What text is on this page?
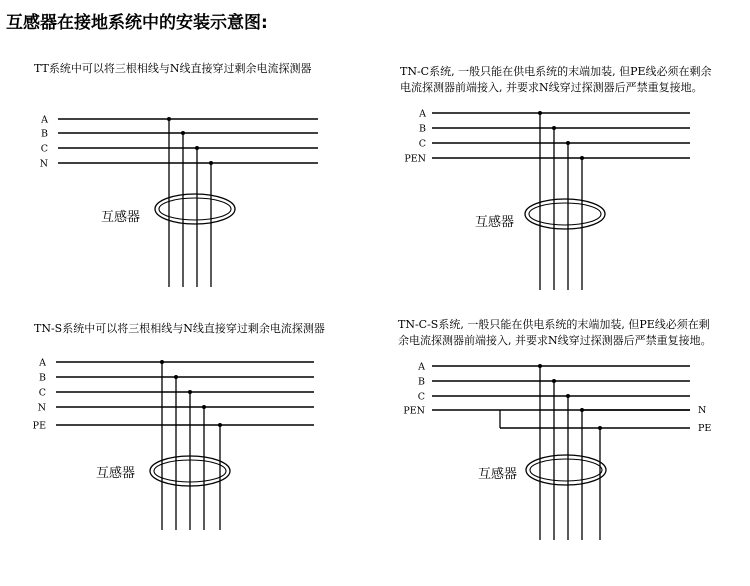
互感器在接地系统中的安装示意图:
TT系统中可以将三根相线与N线直接穿过剩余电流探测器	TN-C系统, 一般只能在供电系统的末端加装, 但PE线必须在剩余
电流探测器前端接入, 并要求N线穿过探测器后严禁重复接地。
TN-S系统中可以将三根相线与N线直接穿过剩余电流探测器	TN-C-S系统, 一般只能在供电系统的末端加装, 但PE线必须在剩
余电流探测器前端接入, 并要求N线穿过探测器后严禁重复接地。
A
B
C
N
互感器
A
B
C
PEN
互感器
A
B
C
N
PE
互感器
A
B
C
PEN
互感器
N
PE
